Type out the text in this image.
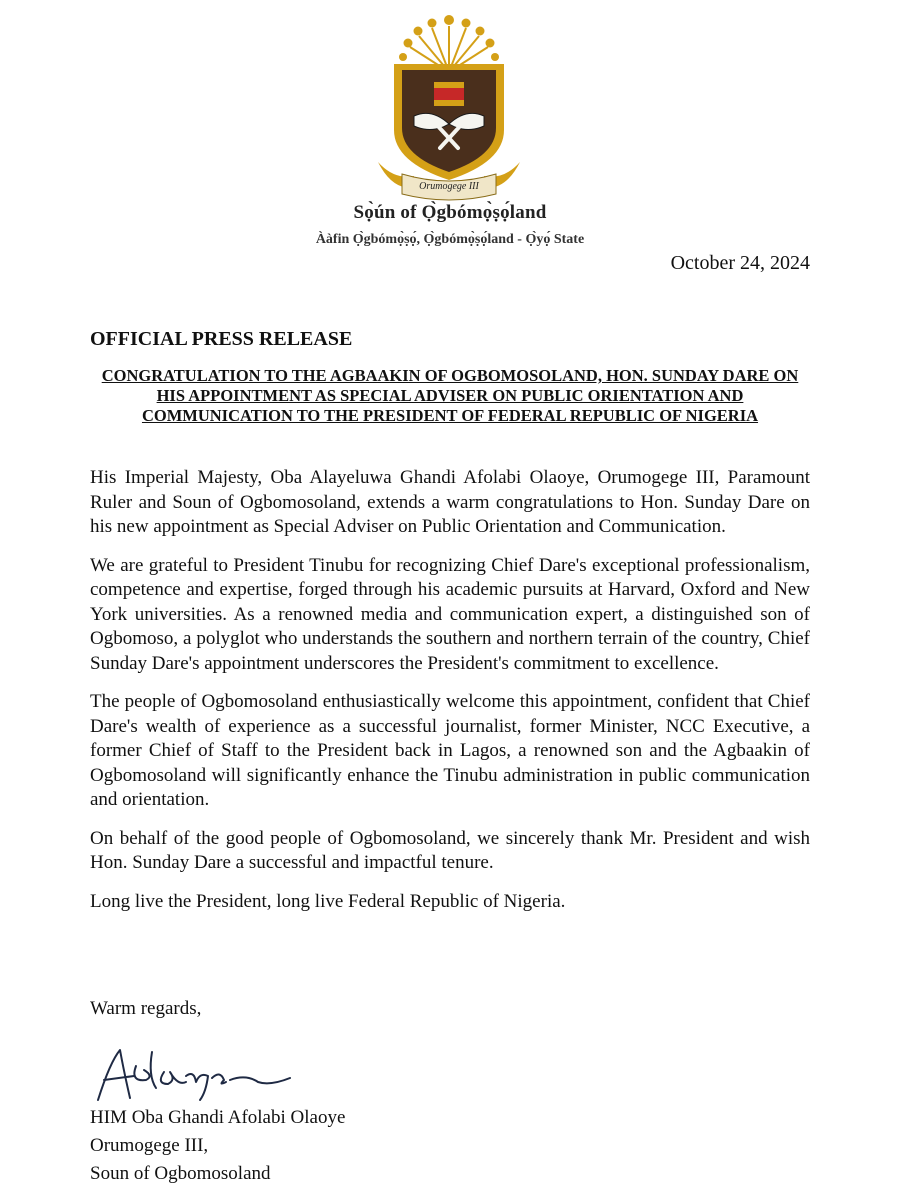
Orumogege III
Sọ̀ún of Ọ̀gbómọ̀ṣọ́land
Ààfin Ọ̀gbómọ̀ṣọ́, Ọ̀gbómọ̀ṣọ́land - Ọ̀yọ́ State
October 24, 2024
OFFICIAL PRESS RELEASE
CONGRATULATION TO THE AGBAAKIN OF OGBOMOSOLAND, HON. SUNDAY DARE ON HIS APPOINTMENT AS SPECIAL ADVISER ON PUBLIC ORIENTATION AND COMMUNICATION TO THE PRESIDENT OF FEDERAL REPUBLIC OF NIGERIA

His Imperial Majesty, Oba Alayeluwa Ghandi Afolabi Olaoye, Orumogege III, Paramount Ruler and Soun of Ogbomosoland, extends a warm congratulations to Hon. Sunday Dare on his new appointment as Special Adviser on Public Orientation and Communication.

We are grateful to President Tinubu for recognizing Chief Dare's exceptional professionalism, competence and expertise, forged through his academic pursuits at Harvard, Oxford and New York universities. As a renowned media and communication expert, a distinguished son of Ogbomoso, a polyglot who understands the southern and northern terrain of the country, Chief Sunday Dare's appointment underscores the President's commitment to excellence.

The people of Ogbomosoland enthusiastically welcome this appointment, confident that Chief Dare's wealth of experience as a successful journalist, former Minister, NCC Executive, a former Chief of Staff to the President back in Lagos, a renowned son and the Agbaakin of Ogbomosoland will significantly enhance the Tinubu administration in public communication and orientation.

On behalf of the good people of Ogbomosoland, we sincerely thank Mr. President and wish Hon. Sunday Dare a successful and impactful tenure.

Long live the President, long live Federal Republic of Nigeria.

Warm regards,
HIM Oba Ghandi Afolabi Olaoye
Orumogege III,
Soun of Ogbomosoland
